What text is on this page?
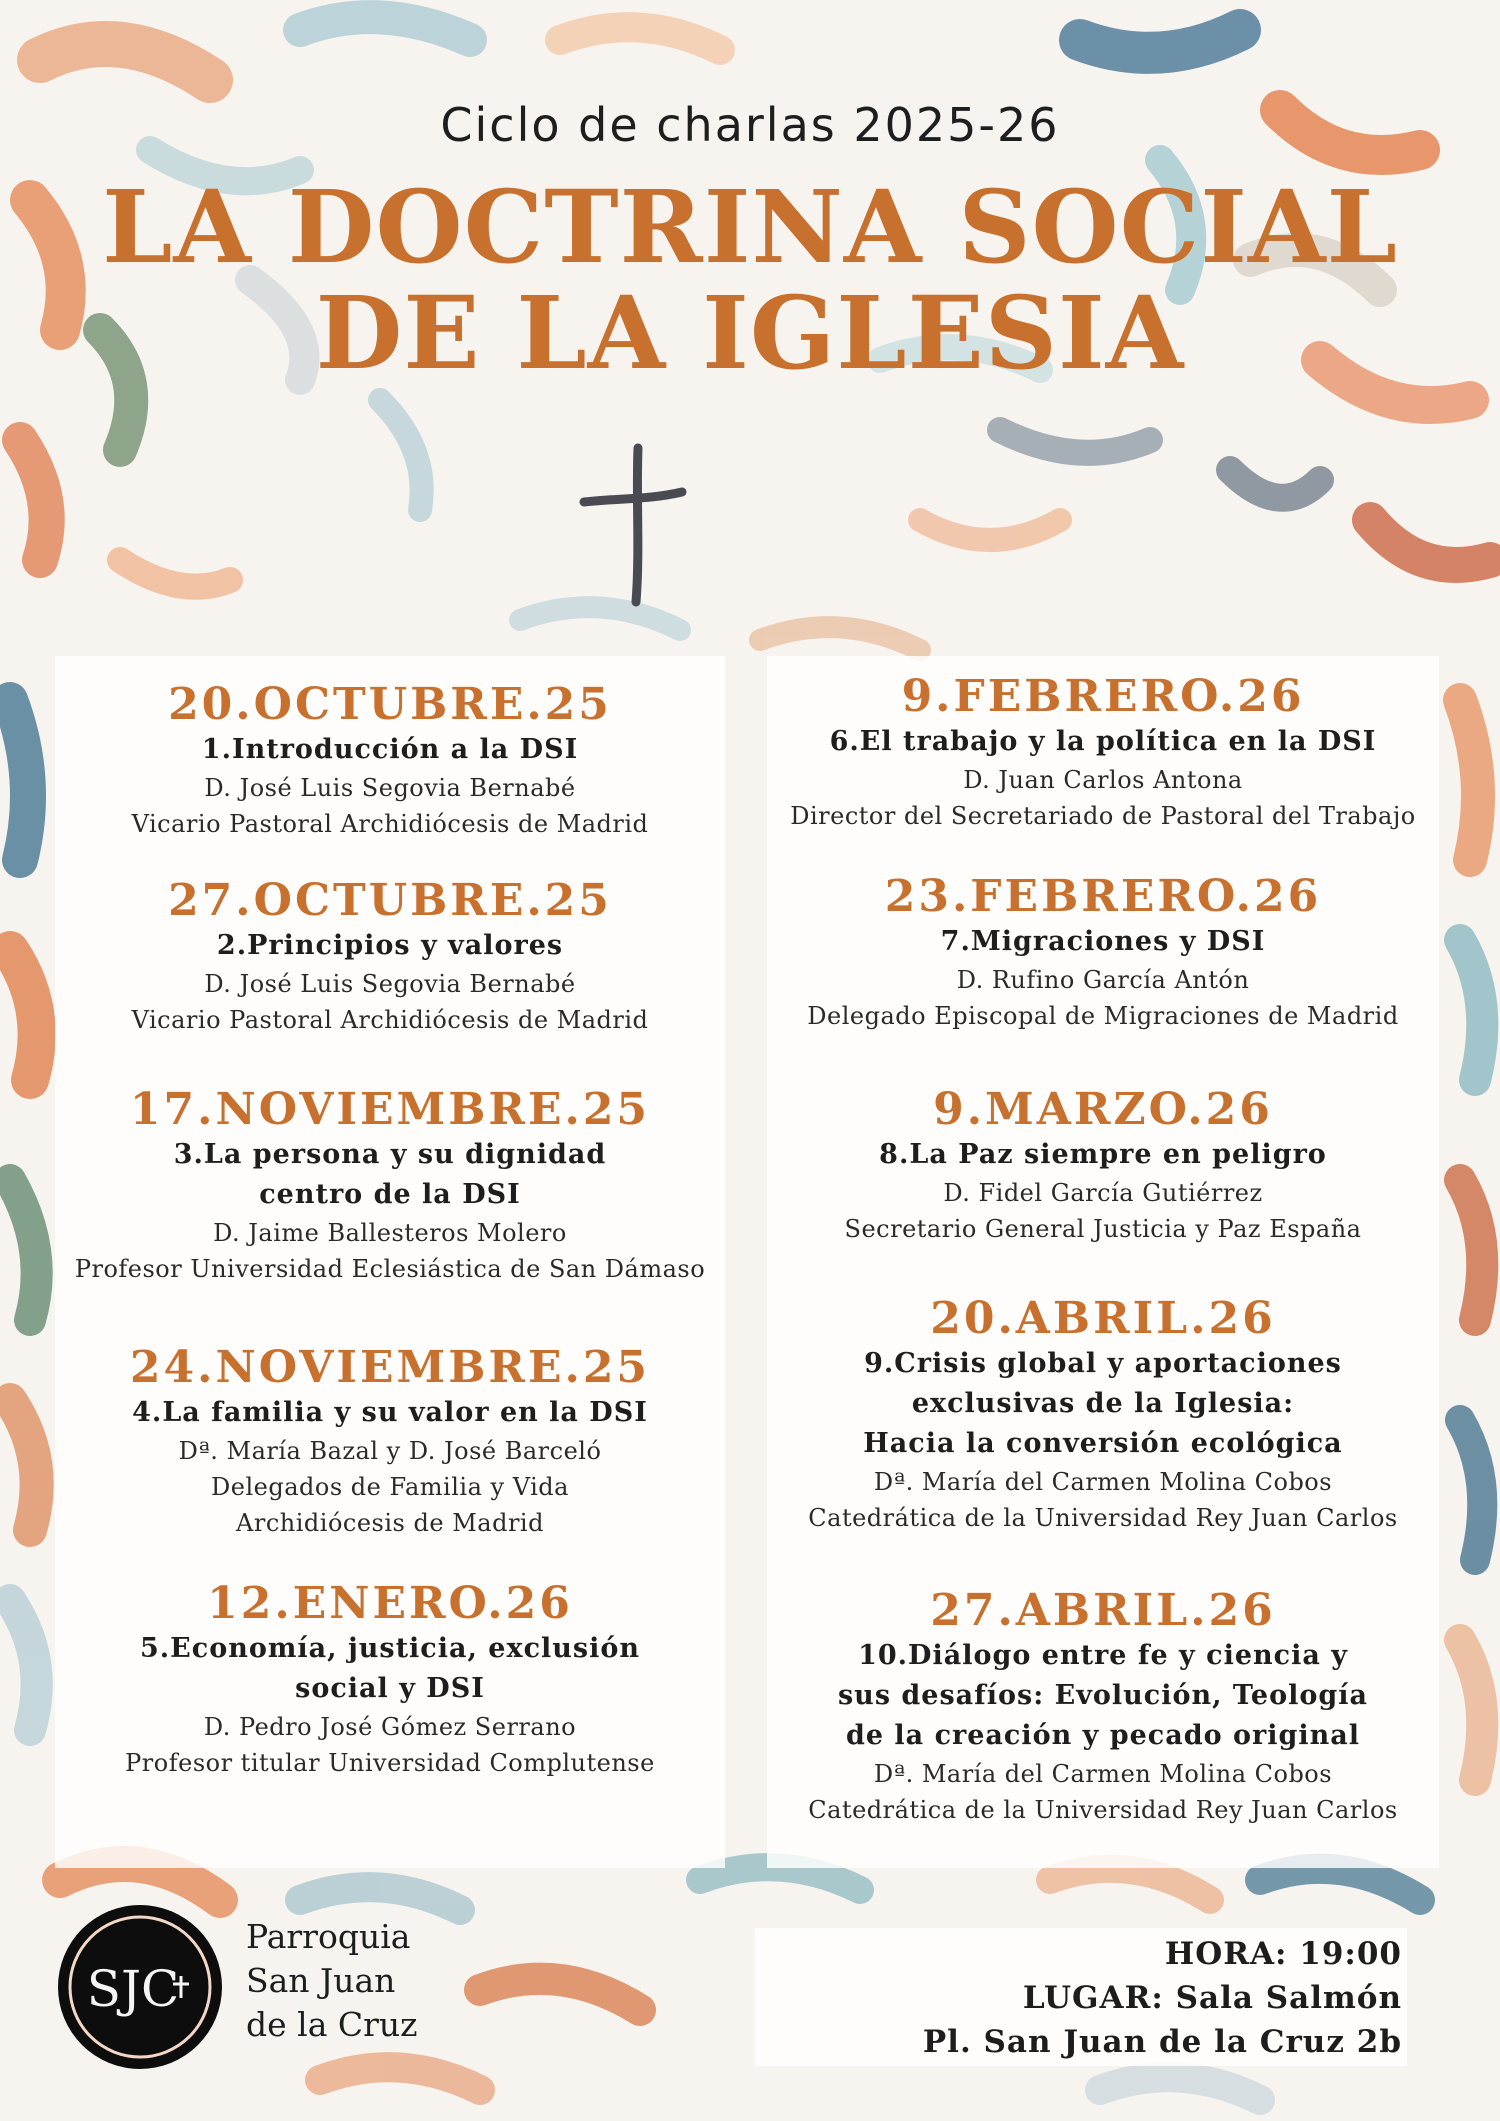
Ciclo de charlas 2025-26
LA DOCTRINA SOCIAL
DE LA IGLESIA
20.OCTUBRE.25
1.Introducción a la DSI
D. José Luis Segovia Bernabé
Vicario Pastoral Archidiócesis de Madrid
27.OCTUBRE.25
2.Principios y valores
D. José Luis Segovia Bernabé
Vicario Pastoral Archidiócesis de Madrid
17.NOVIEMBRE.25
3.La persona y su dignidad
centro de la DSI
D. Jaime Ballesteros Molero
Profesor Universidad Eclesiástica de San Dámaso
24.NOVIEMBRE.25
4.La familia y su valor en la DSI
Dª. María Bazal y D. José Barceló
Delegados de Familia y Vida
Archidiócesis de Madrid
12.ENERO.26
5.Economía, justicia, exclusión
social y DSI
D. Pedro José Gómez Serrano
Profesor titular Universidad Complutense
9.FEBRERO.26
6.El trabajo y la política en la DSI
D. Juan Carlos Antona
Director del Secretariado de Pastoral del Trabajo
23.FEBRERO.26
7.Migraciones y DSI
D. Rufino García Antón
Delegado Episcopal de Migraciones de Madrid
9.MARZO.26
8.La Paz siempre en peligro
D. Fidel García Gutiérrez
Secretario General Justicia y Paz España
20.ABRIL.26
9.Crisis global y aportaciones
exclusivas de la Iglesia:
Hacia la conversión ecológica
Dª. María del Carmen Molina Cobos
Catedrática de la Universidad Rey Juan Carlos
27.ABRIL.26
10.Diálogo entre fe y ciencia y
sus desafíos: Evolución, Teología
de la creación y pecado original
Dª. María del Carmen Molina Cobos
Catedrática de la Universidad Rey Juan Carlos
SJC
Parroquia
San Juan
de la Cruz
HORA: 19:00
LUGAR: Sala Salmón
Pl. San Juan de la Cruz 2b
